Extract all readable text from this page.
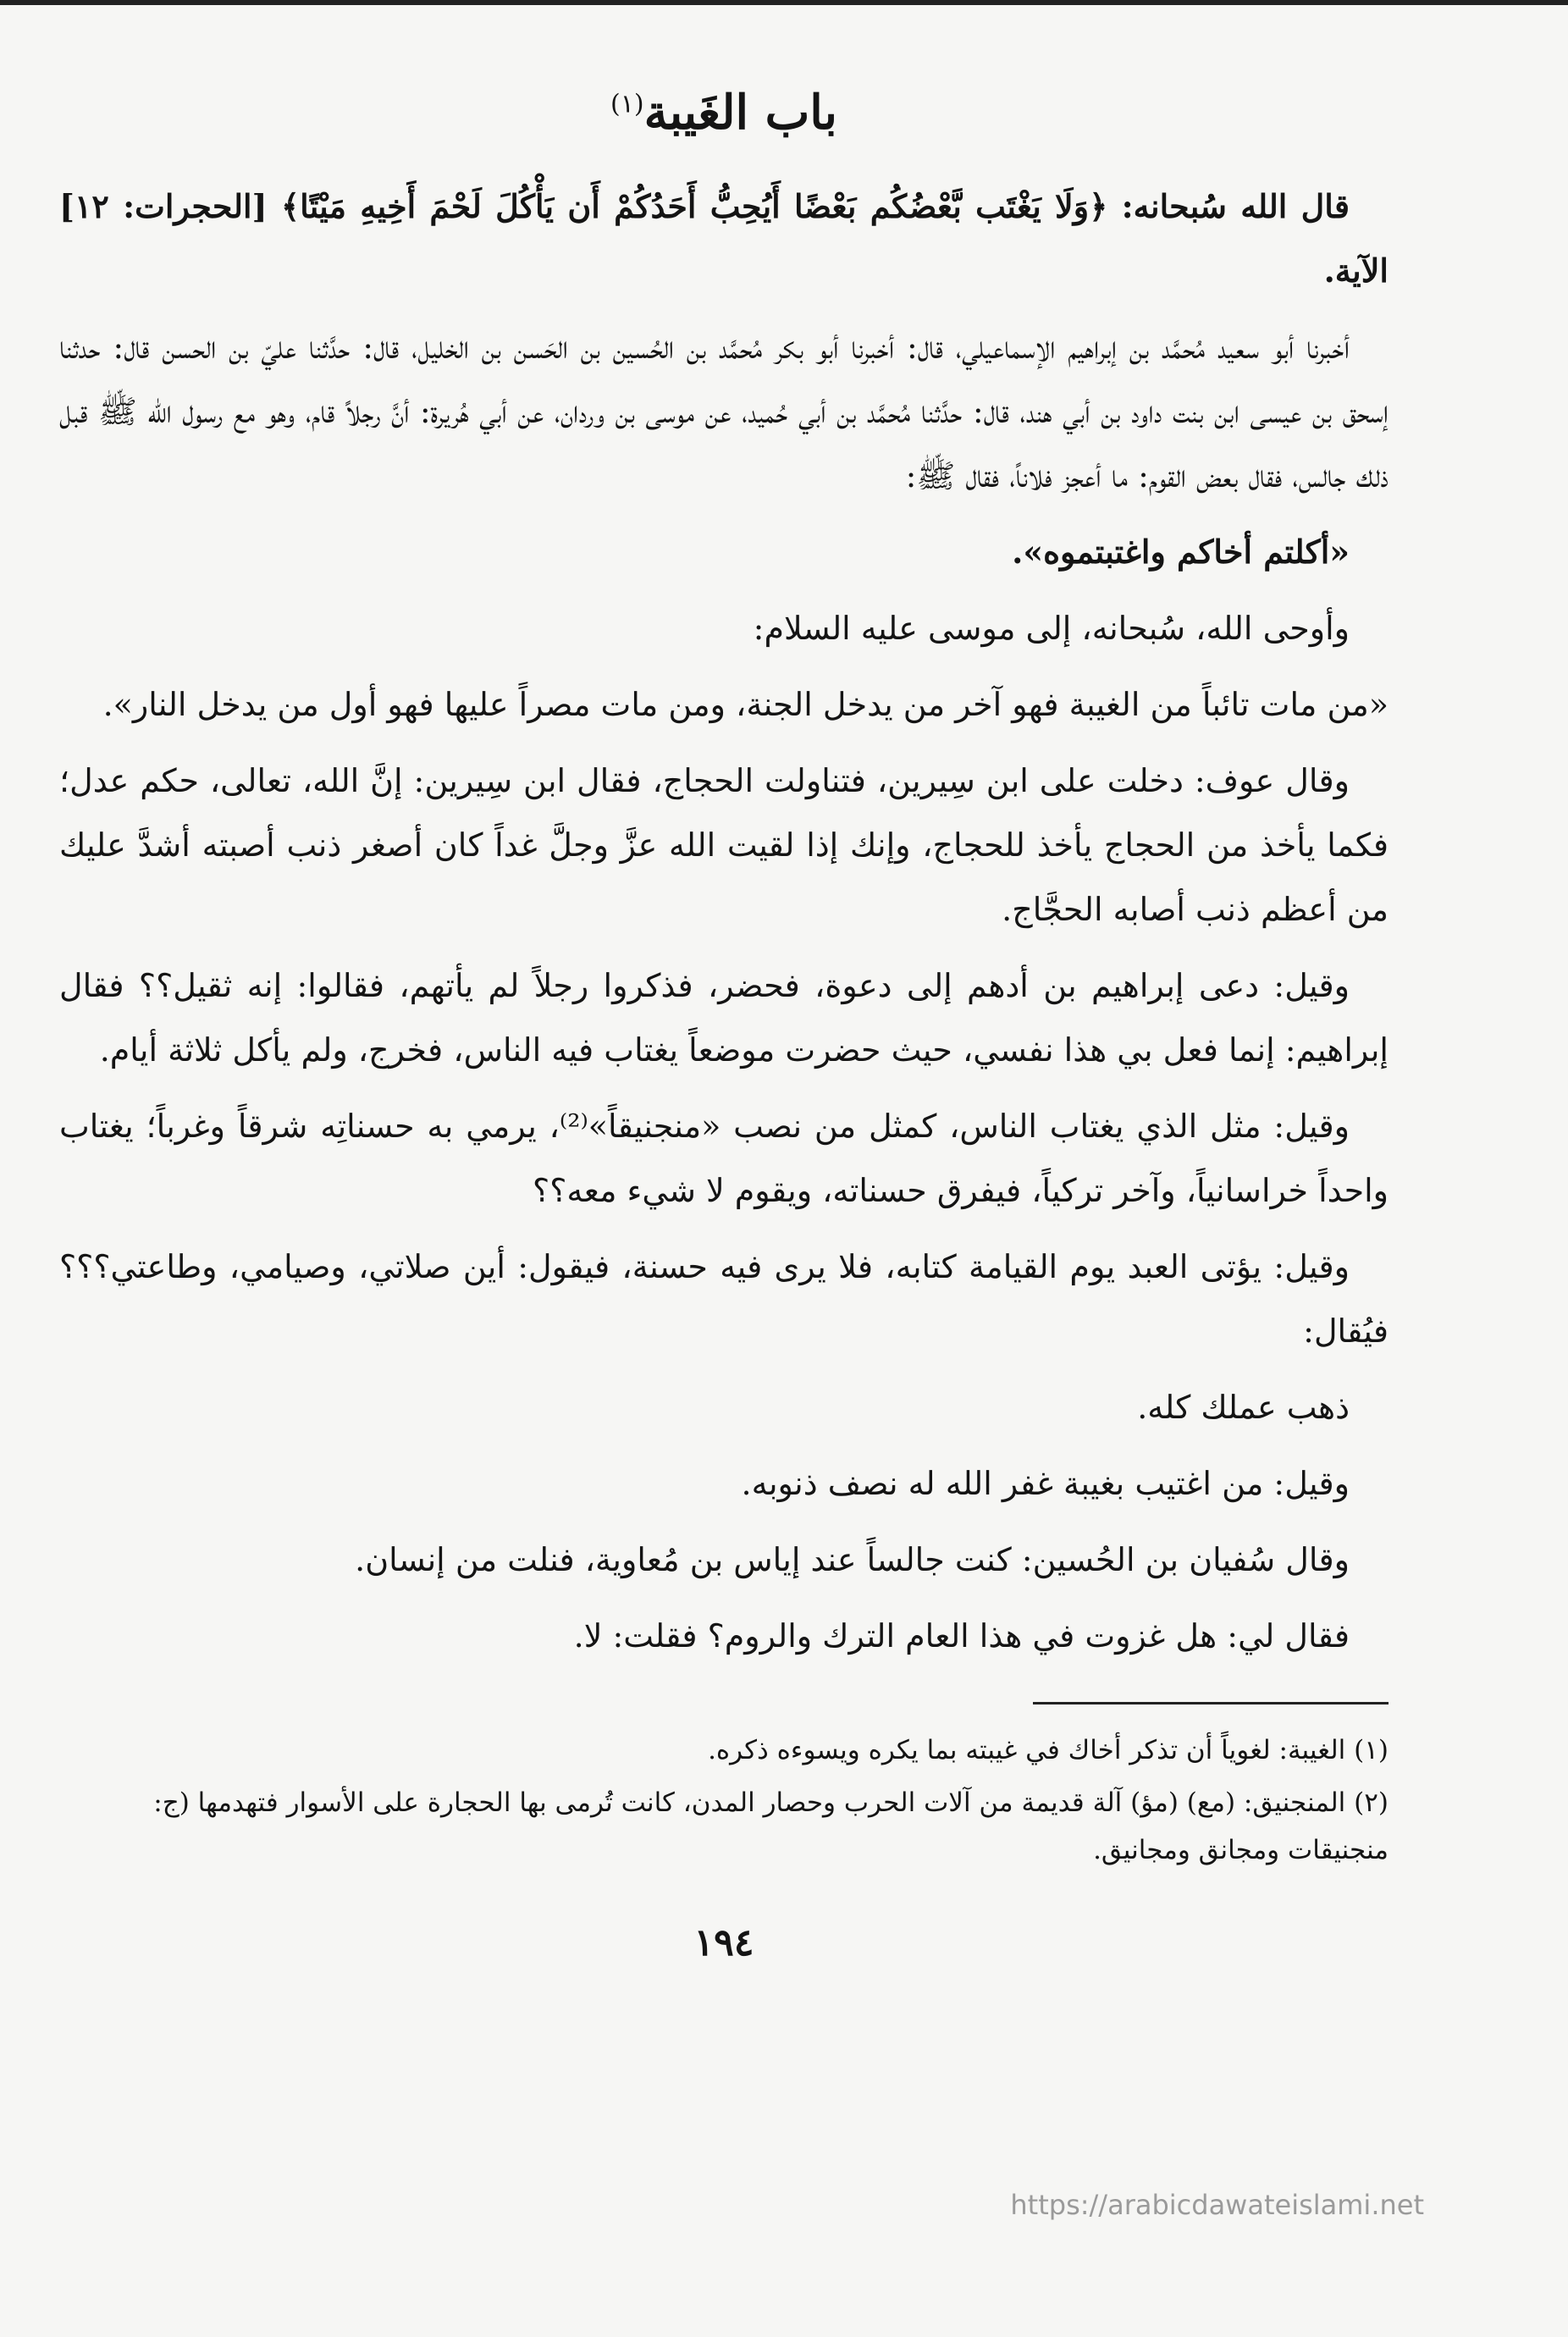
باب الغَيبة$^{(١)}$

قال الله سُبحانه: ﴿وَلَا يَغْتَب بَّعْضُكُم بَعْضًا أَيُحِبُّ أَحَدُكُمْ أَن يَأْكُلَ لَحْمَ أَخِيهِ مَيْتًا﴾ [الحجرات: ١٢] الآية.

أخبرنا أبو سعيد مُحمَّد بن إبراهيم الإسماعيلي، قال: أخبرنا أبو بكر مُحمَّد بن الحُسين بن الحَسن بن الخليل، قال: حدَّثنا عليّ بن الحسن قال: حدثنا إسحق بن عيسى ابن بنت داود بن أبي هند، قال: حدَّثنا مُحمَّد بن أبي حُميد، عن موسى بن وردان، عن أبي هُريرة: أنَّ رجلاً قام، وهو مع رسول الله ﷺ قبل ذلك جالس، فقال بعض القوم: ما أعجز فلاناً، فقال ﷺ:

«أكلتم أخاكم واغتبتموه».

وأوحى الله، سُبحانه، إلى موسى عليه السلام:

«من مات تائباً من الغيبة فهو آخر من يدخل الجنة، ومن مات مصراً عليها فهو أول من يدخل النار».

وقال عوف: دخلت على ابن سِيرين، فتناولت الحجاج، فقال ابن سِيرين: إنَّ الله، تعالى، حكم عدل؛ فكما يأخذ من الحجاج يأخذ للحجاج، وإنك إذا لقيت الله عزَّ وجلَّ غداً كان أصغر ذنب أصبته أشدَّ عليك من أعظم ذنب أصابه الحجَّاج.

وقيل: دعى إبراهيم بن أدهم إلى دعوة، فحضر، فذكروا رجلاً لم يأتهم، فقالوا: إنه ثقيل؟؟ فقال إبراهيم: إنما فعل بي هذا نفسي، حيث حضرت موضعاً يغتاب فيه الناس، فخرج، ولم يأكل ثلاثة أيام.

وقيل: مثل الذي يغتاب الناس، كمثل من نصب «منجنيقاً»⁽²⁾، يرمي به حسناتِه شرقاً وغرباً؛ يغتاب واحداً خراسانياً، وآخر تركياً، فيفرق حسناته، ويقوم لا شيء معه؟؟

وقيل: يؤتى العبد يوم القيامة كتابه، فلا يرى فيه حسنة، فيقول: أين صلاتي، وصيامي، وطاعتي؟؟؟ فيُقال:

ذهب عملك كله.

وقيل: من اغتيب بغيبة غفر الله له نصف ذنوبه.

وقال سُفيان بن الحُسين: كنت جالساً عند إياس بن مُعاوية، فنلت من إنسان.

فقال لي: هل غزوت في هذا العام الترك والروم؟ فقلت: لا.

(١) الغيبة: لغوياً أن تذكر أخاك في غيبته بما يكره ويسوءه ذكره.

(٢) المنجنيق: (مع) (مؤ) آلة قديمة من آلات الحرب وحصار المدن، كانت تُرمى بها الحجارة على الأسوار فتهدمها (ج: منجنيقات ومجانق ومجانيق.

١٩٤
https://arabicdawateislami.net
